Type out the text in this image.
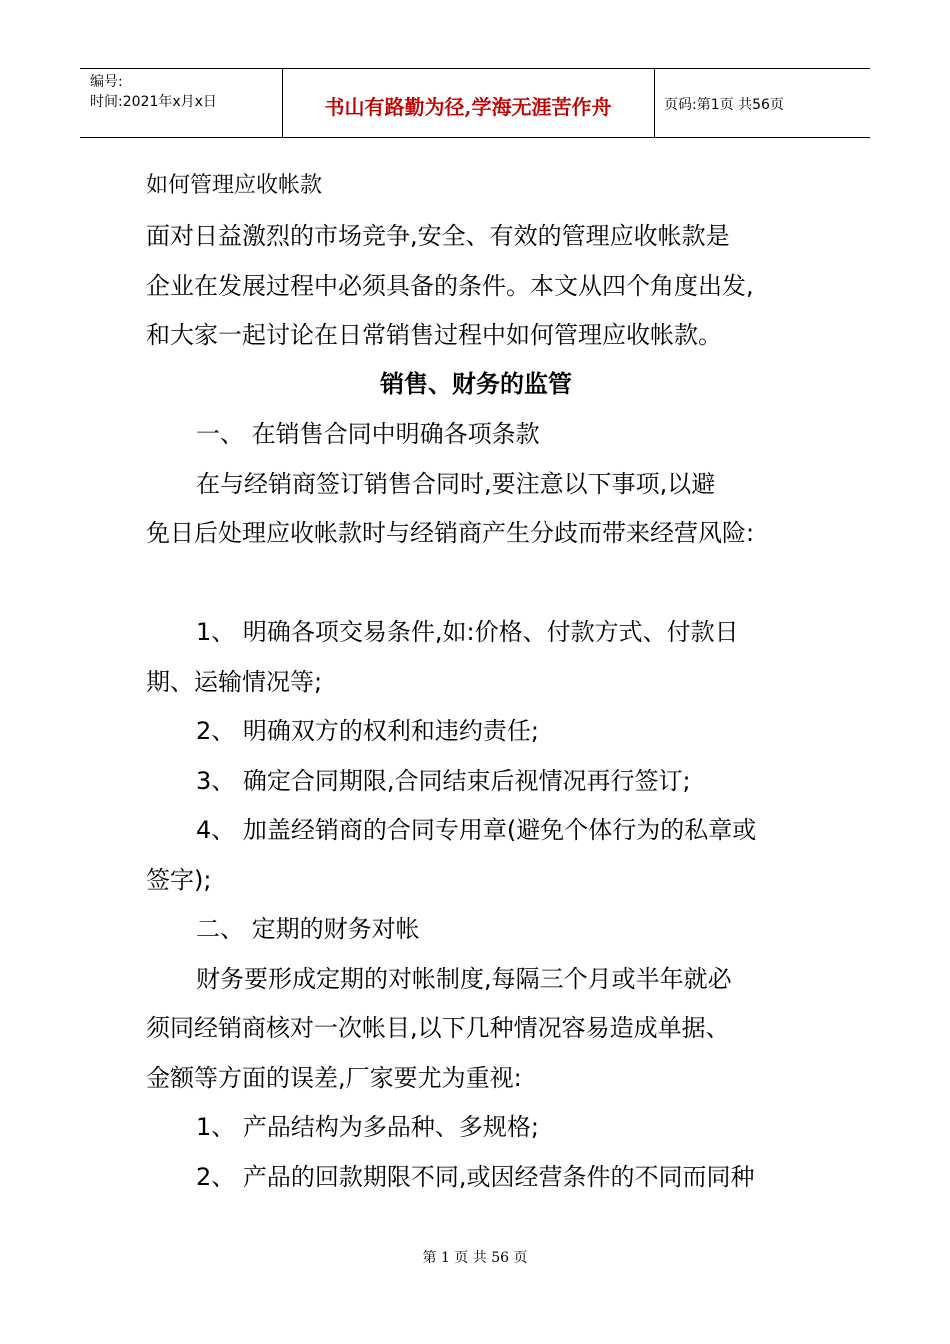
编号:
时间:2021年x月x日	书山有路勤为径,学海无涯苦作舟	页码:第1页 共56页
如何管理应收帐款
面对日益激烈的市场竞争,安全、有效的管理应收帐款是
企业在发展过程中必须具备的条件。本文从四个角度出发,
和大家一起讨论在日常销售过程中如何管理应收帐款。
销售、财务的监管
一、 在销售合同中明确各项条款
在与经销商签订销售合同时,要注意以下事项,以避
免日后处理应收帐款时与经销商产生分歧而带来经营风险:
1、 明确各项交易条件,如:价格、付款方式、付款日
期、运输情况等;
2、 明确双方的权利和违约责任;
3、 确定合同期限,合同结束后视情况再行签订;
4、 加盖经销商的合同专用章(避免个体行为的私章或
签字);
二、 定期的财务对帐
财务要形成定期的对帐制度,每隔三个月或半年就必
须同经销商核对一次帐目,以下几种情况容易造成单据、
金额等方面的误差,厂家要尤为重视:
1、 产品结构为多品种、多规格;
2、 产品的回款期限不同,或因经营条件的不同而同种
第 1 页 共 56 页
